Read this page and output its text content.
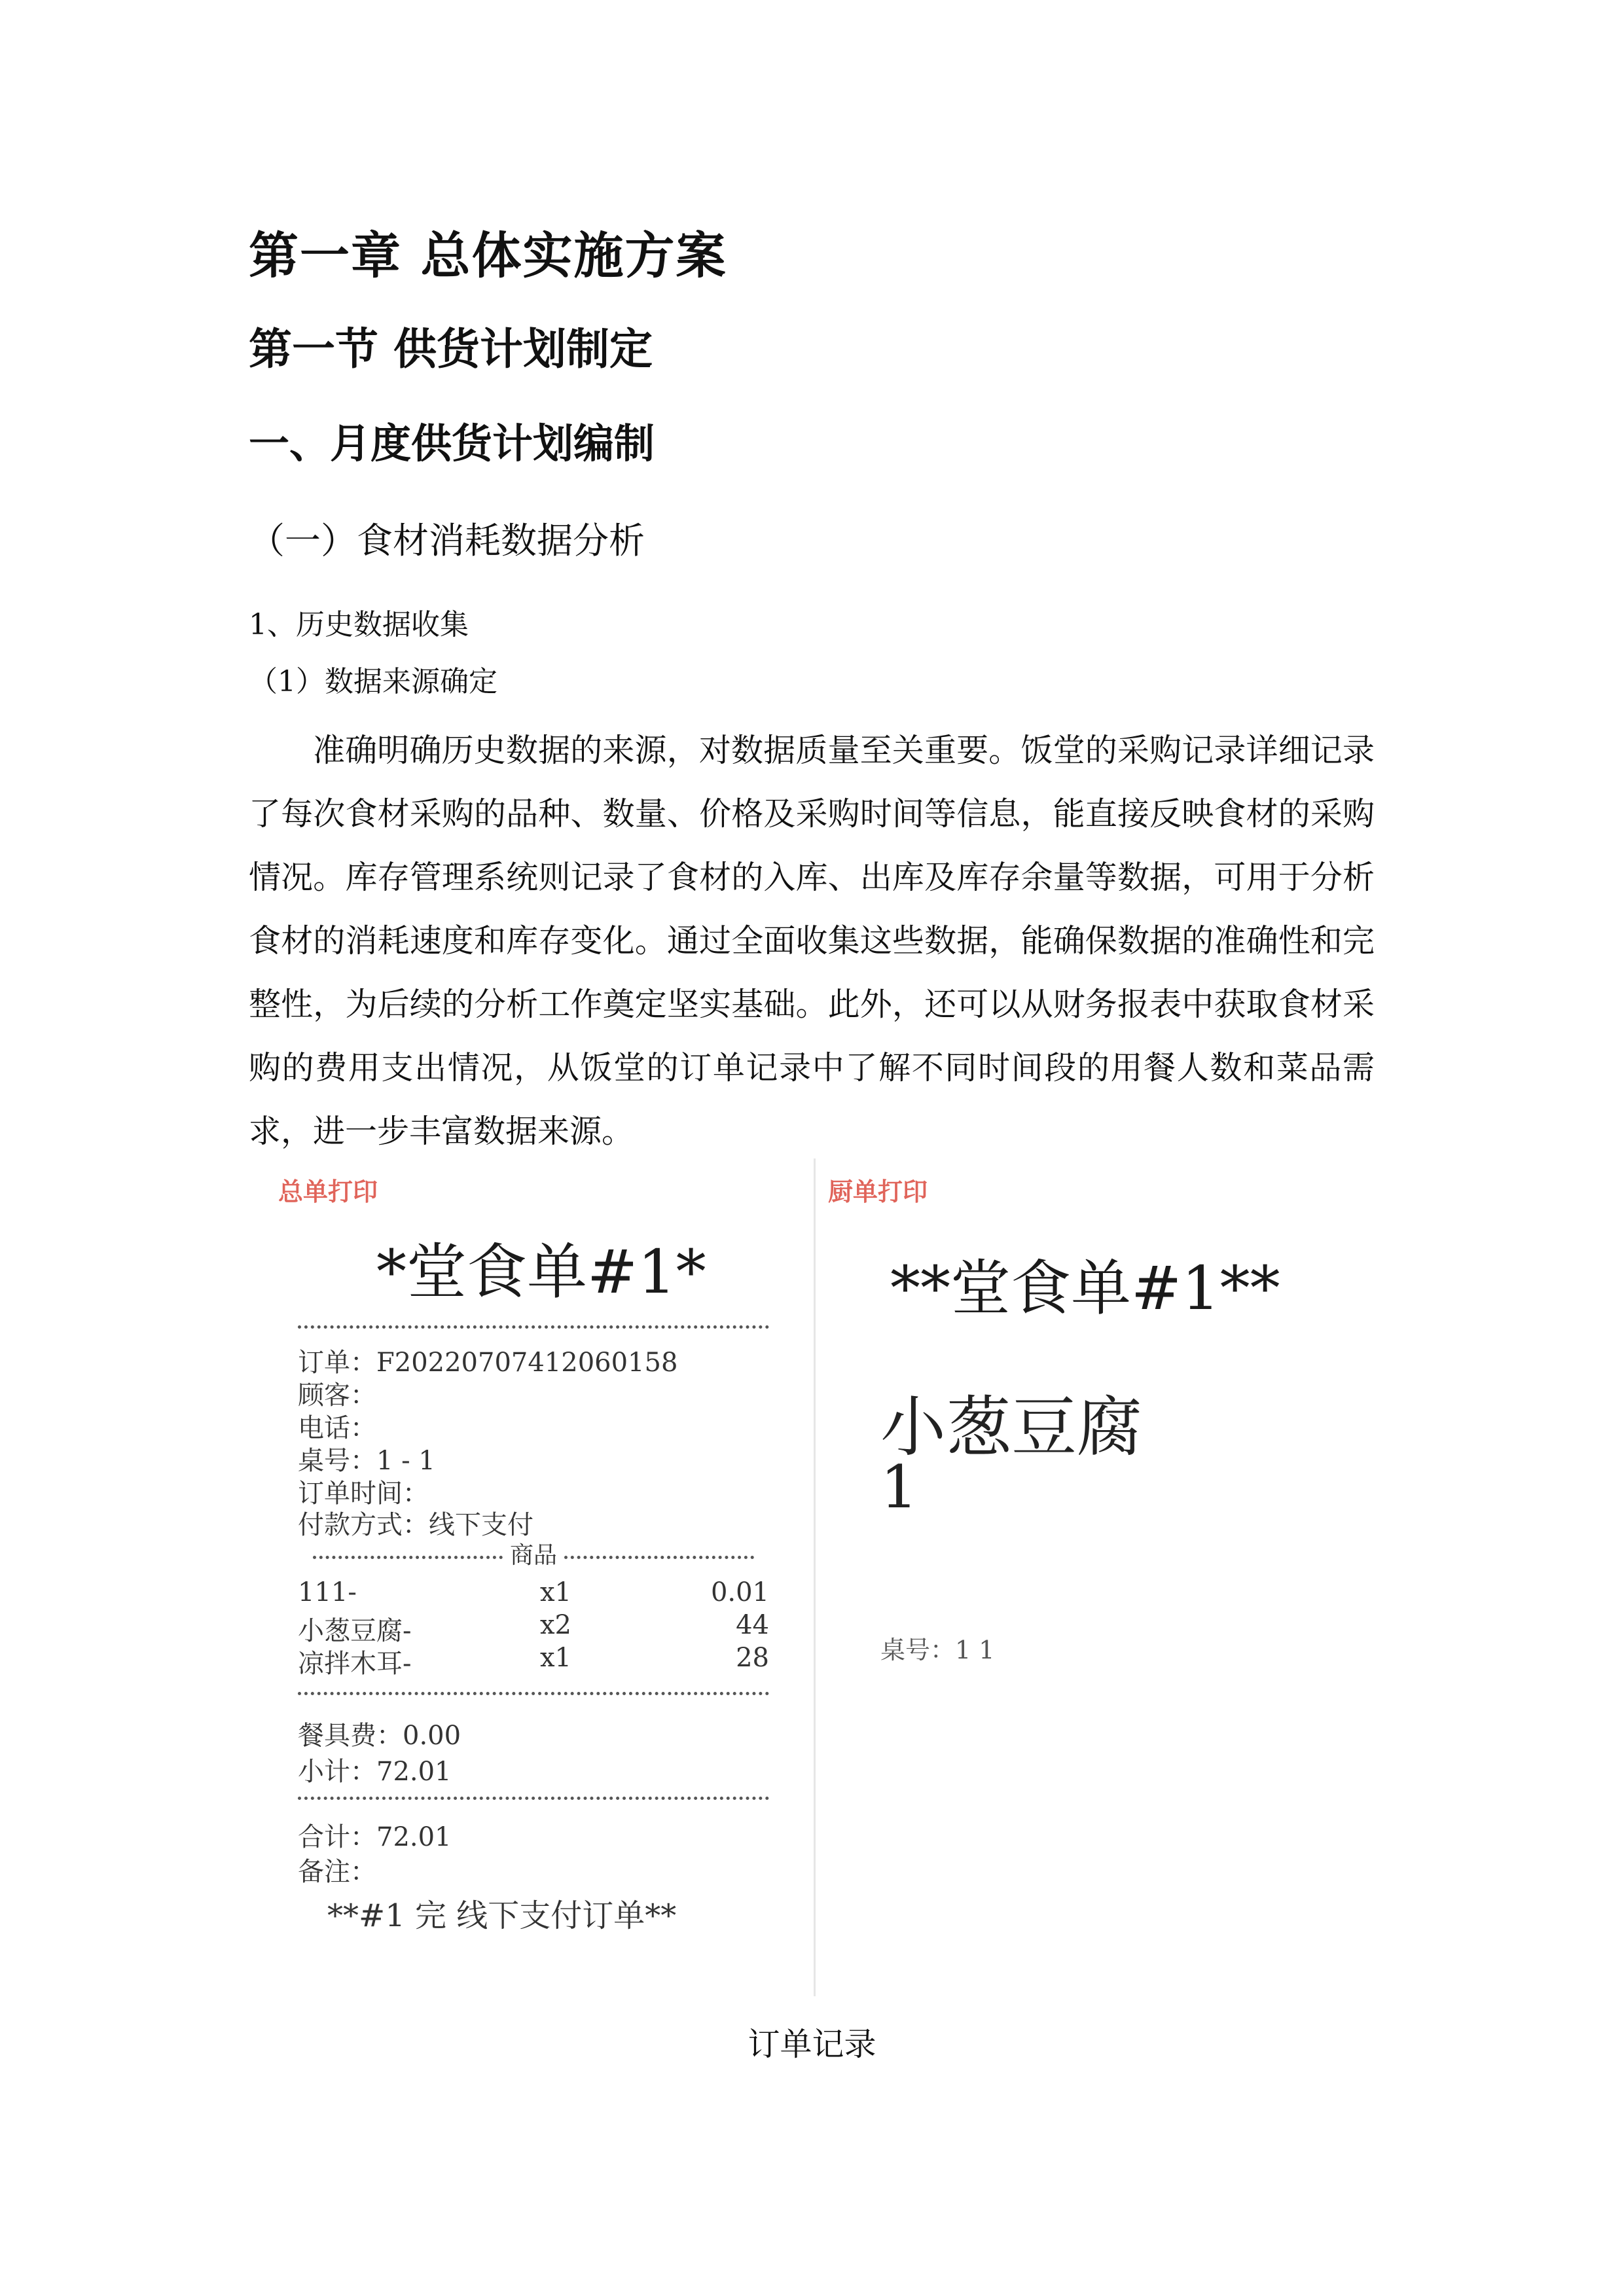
第一章 总体实施方案
第一节 供货计划制定
一、月度供货计划编制
（一）食材消耗数据分析
1、历史数据收集
（1）数据来源确定

准确明确历史数据的来源，对数据质量至关重要。饭堂的采购记录详细记录了每次食材采购的品种、数量、价格及采购时间等信息，能直接反映食材的采购情况。库存管理系统则记录了食材的入库、出库及库存余量等数据，可用于分析食材的消耗速度和库存变化。通过全面收集这些数据，能确保数据的准确性和完整性，为后续的分析工作奠定坚实基础。此外，还可以从财务报表中获取食材采购的费用支出情况，从饭堂的订单记录中了解不同时间段的用餐人数和菜品需求，进一步丰富数据来源。

总单打印
*堂食单#1*
订单：F20220707412060158
顾客：
电话：
桌号：1 - 1
订单时间：
付款方式：线下支付
商品
111-	x1	0.01
小葱豆腐-	x2	44
凉拌木耳-	x1	28
餐具费：0.00
小计：72.01
合计：72.01
备注：
**#1 完 线下支付订单**
厨单打印
**堂食单#1**
小葱豆腐
1
桌号：1 1
订单记录
